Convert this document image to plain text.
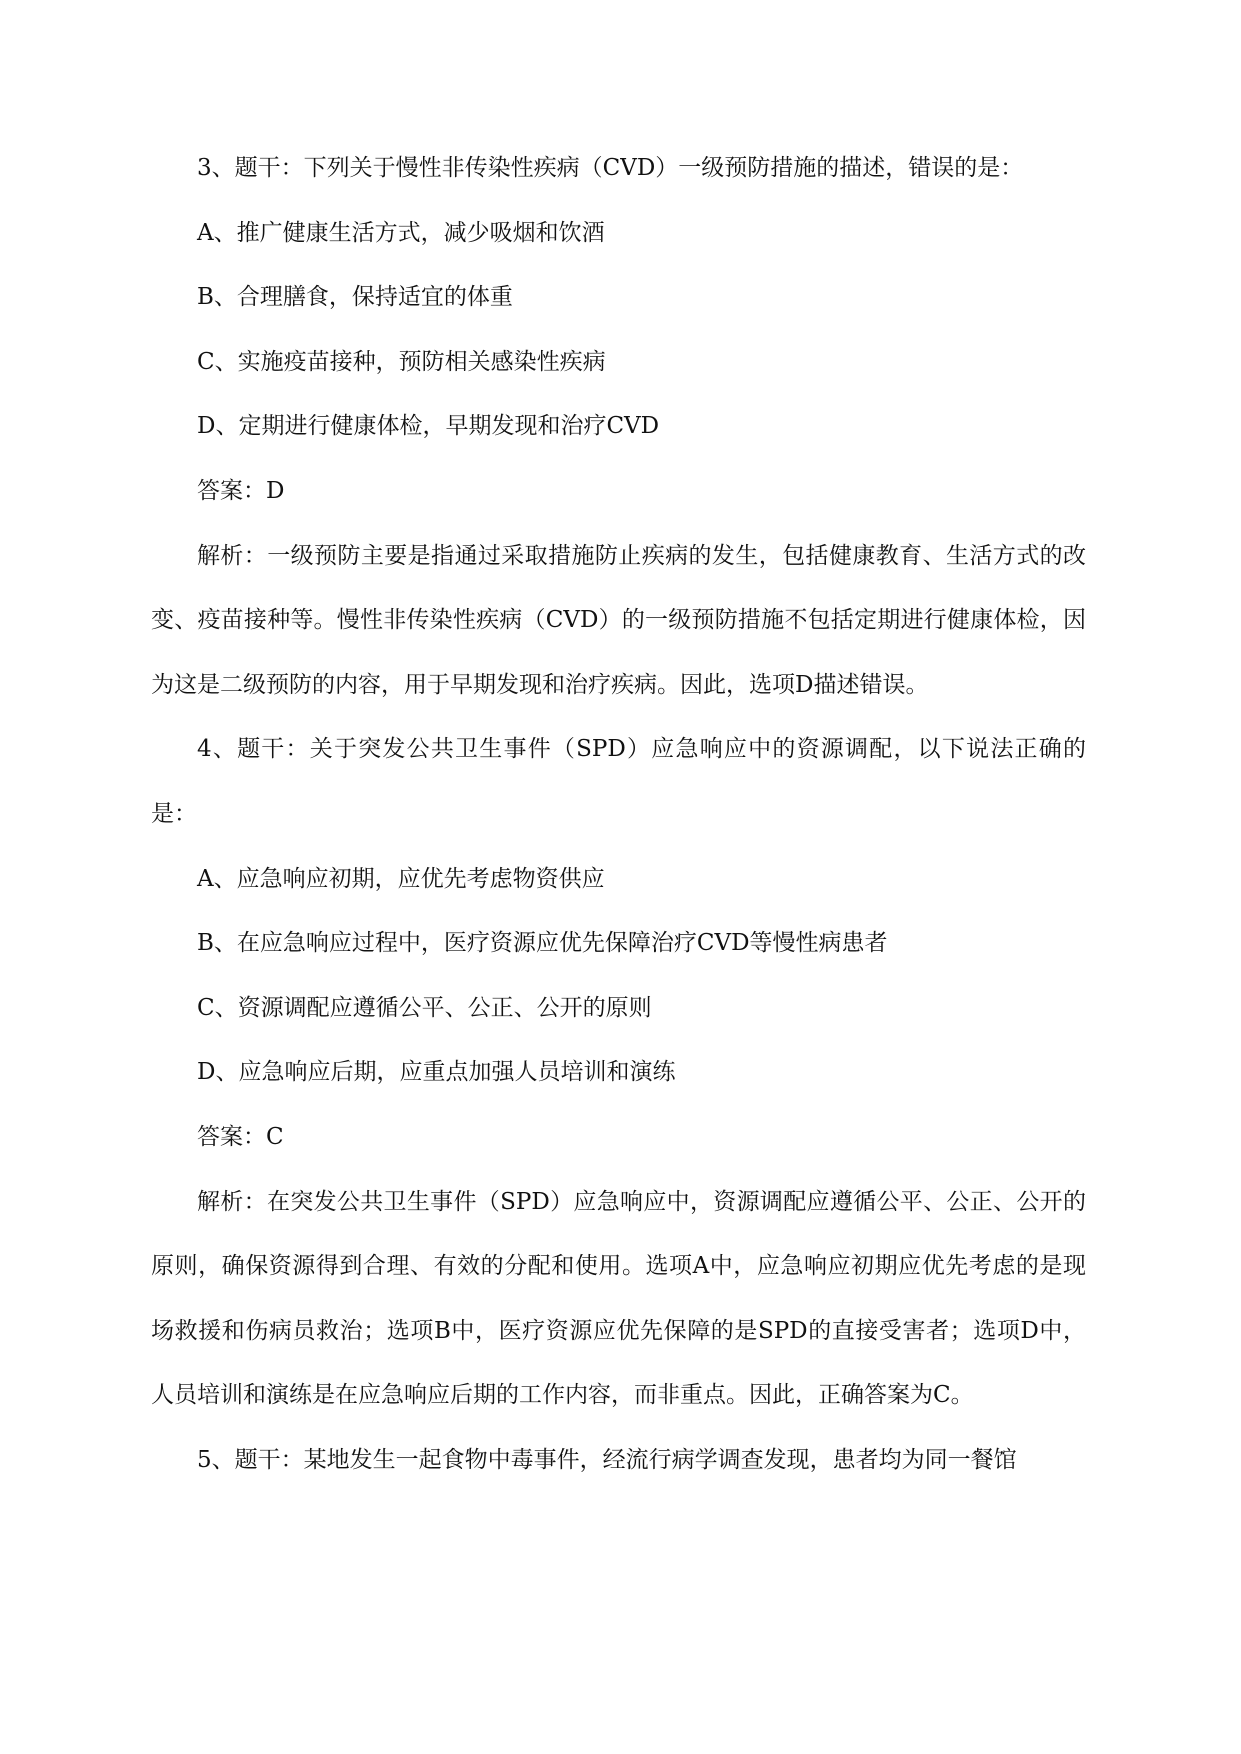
3、题干：下列关于慢性非传染性疾病（CVD）一级预防措施的描述，错误的是：

A、推广健康生活方式，减少吸烟和饮酒

B、合理膳食，保持适宜的体重

C、实施疫苗接种，预防相关感染性疾病

D、定期进行健康体检，早期发现和治疗CVD

答案：D

解析：一级预防主要是指通过采取措施防止疾病的发生，包括健康教育、生活方式的改变、疫苗接种等。慢性非传染性疾病（CVD）的一级预防措施不包括定期进行健康体检，因为这是二级预防的内容，用于早期发现和治疗疾病。因此，选项D描述错误。

4、题干：关于突发公共卫生事件（SPD）应急响应中的资源调配，以下说法正确的是：

A、应急响应初期，应优先考虑物资供应

B、在应急响应过程中，医疗资源应优先保障治疗CVD等慢性病患者

C、资源调配应遵循公平、公正、公开的原则

D、应急响应后期，应重点加强人员培训和演练

答案：C

解析：在突发公共卫生事件（SPD）应急响应中，资源调配应遵循公平、公正、公开的原则，确保资源得到合理、有效的分配和使用。选项A中，应急响应初期应优先考虑的是现场救援和伤病员救治；选项B中，医疗资源应优先保障的是SPD的直接受害者；选项D中，人员培训和演练是在应急响应后期的工作内容，而非重点。因此，正确答案为C。

5、题干：某地发生一起食物中毒事件，经流行病学调查发现，患者均为同一餐馆
